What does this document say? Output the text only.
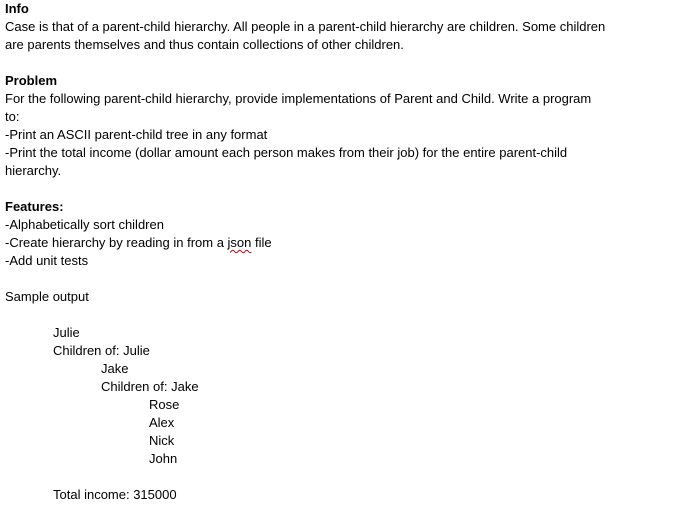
Info
Case is that of a parent-child hierarchy. All people in a parent-child hierarchy are children. Some children
are parents themselves and thus contain collections of other children.
Problem
For the following parent-child hierarchy, provide implementations of Parent and Child. Write a program
to:
-Print an ASCII parent-child tree in any format
-Print the total income (dollar amount each person makes from their job) for the entire parent-child
hierarchy.
Features:
-Alphabetically sort children
-Create hierarchy by reading in from a json file
-Add unit tests
Sample output
Julie
Children of: Julie
Jake
Children of: Jake
Rose
Alex
Nick
John
Total income: 315000
